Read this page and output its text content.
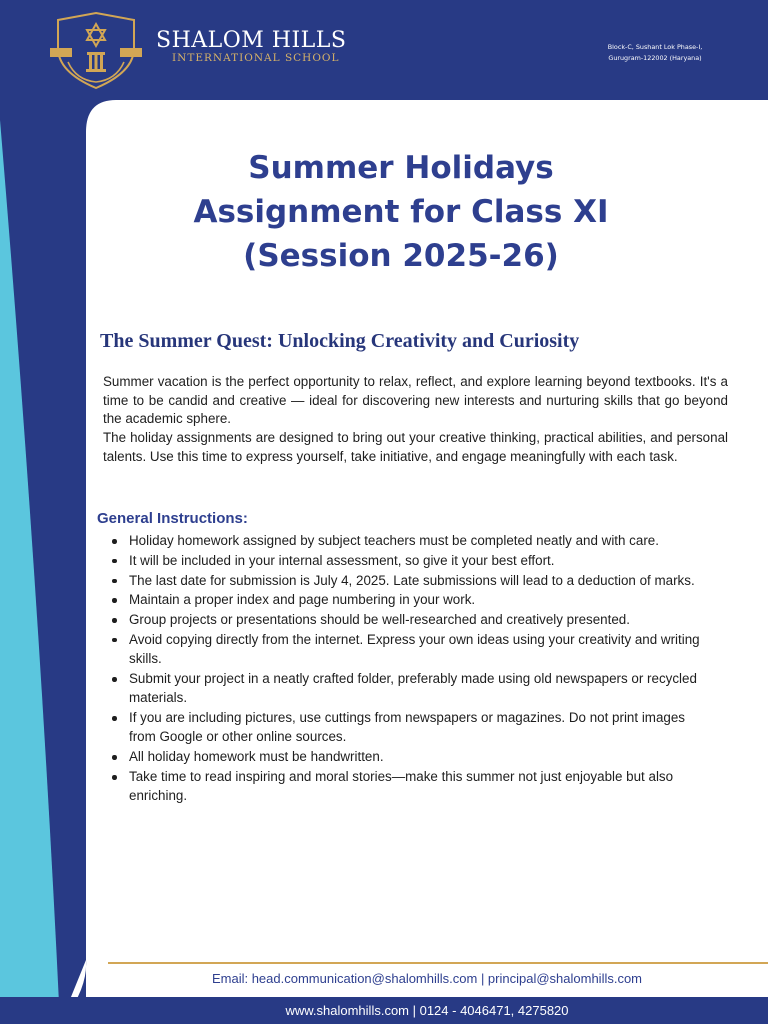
SHALOM HILLS
INTERNATIONAL SCHOOL
Block-C, Sushant Lok Phase-I,
Gurugram-122002 (Haryana)
Summer Holidays
Assignment for Class XI
(Session 2025-26)
The Summer Quest: Unlocking Creativity and Curiosity

Summer vacation is the perfect opportunity to relax, reflect, and explore learning beyond textbooks. It's a time to be candid and creative — ideal for discovering new interests and nurturing skills that go beyond the academic sphere.

The holiday assignments are designed to bring out your creative thinking, practical abilities, and personal talents. Use this time to express yourself, take initiative, and engage meaningfully with each task.

General Instructions:
Holiday homework assigned by subject teachers must be completed neatly and with care.
It will be included in your internal assessment, so give it your best effort.
The last date for submission is July 4, 2025. Late submissions will lead to a deduction of marks.
Maintain a proper index and page numbering in your work.
Group projects or presentations should be well-researched and creatively presented.
Avoid copying directly from the internet. Express your own ideas using your creativity and writing skills.
Submit your project in a neatly crafted folder, preferably made using old newspapers or recycled materials.
If you are including pictures, use cuttings from newspapers or magazines. Do not print images from Google or other online sources.
All holiday homework must be handwritten.
Take time to read inspiring and moral stories—make this summer not just enjoyable but also enriching.
Email: head.communication@shalomhills.com | principal@shalomhills.com
www.shalomhills.com | 0124 - 4046471, 4275820
